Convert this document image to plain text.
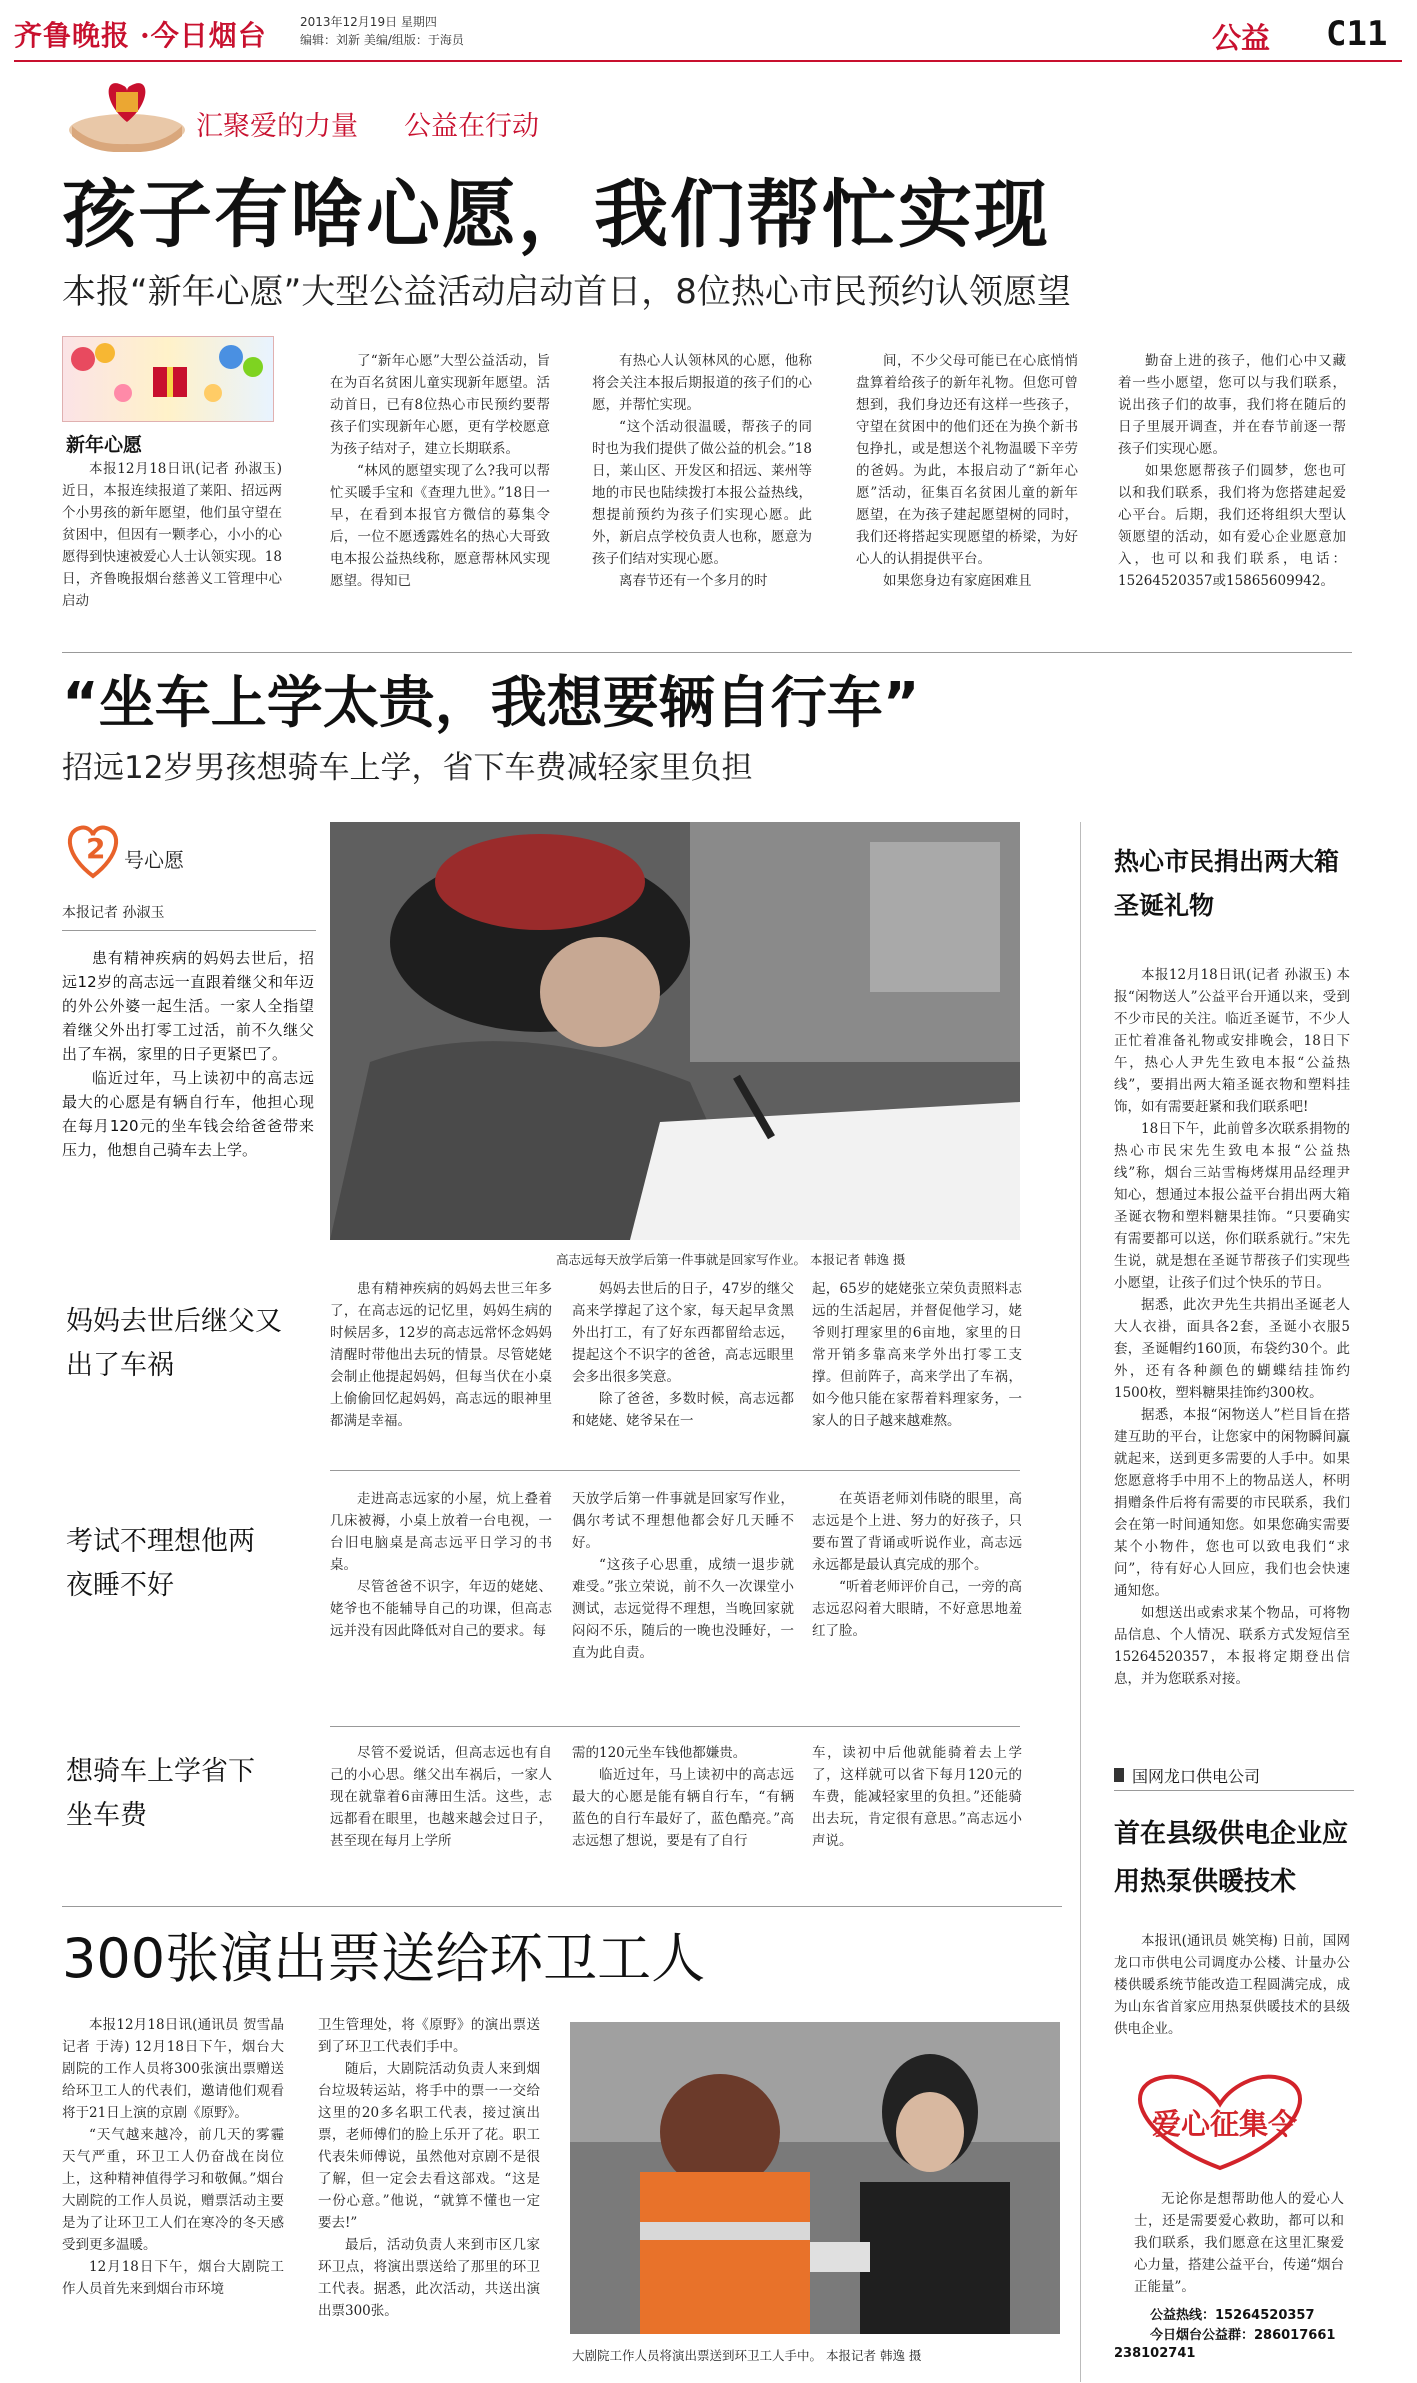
齐鲁晚报 ·今日烟台	2013年12月19日 星期四
编辑：刘新 美编/组版：于海员	公益 C11
汇聚爱的力量 公益在行动
孩子有啥心愿，我们帮忙实现
本报“新年心愿”大型公益活动启动首日，8位热心市民预约认领愿望
新年心愿

本报12月18日讯(记者 孙淑玉) 近日，本报连续报道了莱阳、招远两个小男孩的新年愿望，他们虽守望在贫困中，但因有一颗孝心，小小的心愿得到快速被爱心人士认领实现。18日，齐鲁晚报烟台慈善义工管理中心启动

了“新年心愿”大型公益活动，旨在为百名贫困儿童实现新年愿望。活动首日，已有8位热心市民预约要帮孩子们实现新年心愿，更有学校愿意为孩子结对子，建立长期联系。

“林风的愿望实现了么?我可以帮忙买暖手宝和《查理九世》。”18日一早，在看到本报官方微信的募集令后，一位不愿透露姓名的热心大哥致电本报公益热线称，愿意帮林风实现愿望。得知已

有热心人认领林风的心愿，他称将会关注本报后期报道的孩子们的心愿，并帮忙实现。

“这个活动很温暖，帮孩子的同时也为我们提供了做公益的机会。”18日，莱山区、开发区和招远、莱州等地的市民也陆续拨打本报公益热线，想提前预约为孩子们实现心愿。此外，新启点学校负责人也称，愿意为孩子们结对实现心愿。

离春节还有一个多月的时

间，不少父母可能已在心底悄悄盘算着给孩子的新年礼物。但您可曾想到，我们身边还有这样一些孩子，守望在贫困中的他们还在为换个新书包挣扎，或是想送个礼物温暖下辛劳的爸妈。为此，本报启动了“新年心愿”活动，征集百名贫困儿童的新年愿望，在为孩子建起愿望树的同时，我们还将搭起实现愿望的桥梁，为好心人的认捐提供平台。

如果您身边有家庭困难且

勤奋上进的孩子，他们心中又藏着一些小愿望，您可以与我们联系，说出孩子们的故事，我们将在随后的日子里展开调查，并在春节前逐一帮孩子们实现心愿。

如果您愿帮孩子们圆梦，您也可以和我们联系，我们将为您搭建起爱心平台。后期，我们还将组织大型认领愿望的活动，如有爱心企业愿意加入，也可以和我们联系，电话：15264520357或15865609942。

“坐车上学太贵，我想要辆自行车”
招远12岁男孩想骑车上学，省下车费减轻家里负担
2 号心愿
本报记者 孙淑玉

患有精神疾病的妈妈去世后，招远12岁的高志远一直跟着继父和年迈的外公外婆一起生活。一家人全指望着继父外出打零工过活，前不久继父出了车祸，家里的日子更紧巴了。

临近过年，马上读初中的高志远最大的心愿是有辆自行车，他担心现在每月120元的坐车钱会给爸爸带来压力，他想自己骑车去上学。

高志远每天放学后第一件事就是回家写作业。 本报记者 韩逸 摄
妈妈去世后继父又出了车祸
考试不理想他两夜睡不好
想骑车上学省下坐车费

患有精神疾病的妈妈去世三年多了，在高志远的记忆里，妈妈生病的时候居多，12岁的高志远常怀念妈妈清醒时带他出去玩的情景。尽管姥姥会制止他提起妈妈，但每当伏在小桌上偷偷回忆起妈妈，高志远的眼神里都满是幸福。

妈妈去世后的日子，47岁的继父高来学撑起了这个家，每天起早贪黑外出打工，有了好东西都留给志远，提起这个不识字的爸爸，高志远眼里会多出很多笑意。

除了爸爸，多数时候，高志远都和姥姥、姥爷呆在一

起，65岁的姥姥张立荣负责照料志远的生活起居，并督促他学习，姥爷则打理家里的6亩地，家里的日常开销多靠高来学外出打零工支撑。但前阵子，高来学出了车祸，如今他只能在家帮着料理家务，一家人的日子越来越难熬。

走进高志远家的小屋，炕上叠着几床被褥，小桌上放着一台电视，一台旧电脑桌是高志远平日学习的书桌。

尽管爸爸不识字，年迈的姥姥、姥爷也不能辅导自己的功课，但高志远并没有因此降低对自己的要求。每

天放学后第一件事就是回家写作业，偶尔考试不理想他都会好几天睡不好。

“这孩子心思重，成绩一退步就难受。”张立荣说，前不久一次课堂小测试，志远觉得不理想，当晚回家就闷闷不乐，随后的一晚也没睡好，一直为此自责。

在英语老师刘伟晓的眼里，高志远是个上进、努力的好孩子，只要布置了背诵或听说作业，高志远永远都是最认真完成的那个。

“听着老师评价自己，一旁的高志远忍闷着大眼睛，不好意思地羞红了脸。

尽管不爱说话，但高志远也有自己的小心思。继父出车祸后，一家人现在就靠着6亩薄田生活。这些，志远都看在眼里，也越来越会过日子，甚至现在每月上学所

需的120元坐车钱他都嫌贵。

临近过年，马上读初中的高志远最大的心愿是能有辆自行车，“有辆蓝色的自行车最好了，蓝色酷亮。”高志远想了想说，要是有了自行

车，读初中后他就能骑着去上学了，这样就可以省下每月120元的车费，能减轻家里的负担。”还能骑出去玩，肯定很有意思。”高志远小声说。

热心市民捐出两大箱圣诞礼物

本报12月18日讯(记者 孙淑玉) 本报“闲物送人”公益平台开通以来，受到不少市民的关注。临近圣诞节，不少人正忙着准备礼物或安排晚会，18日下午，热心人尹先生致电本报“公益热线”，要捐出两大箱圣诞衣物和塑料挂饰，如有需要赶紧和我们联系吧!

18日下午，此前曾多次联系捐物的热心市民宋先生致电本报“公益热线”称，烟台三站雪梅烤煤用品经理尹知心，想通过本报公益平台捐出两大箱圣诞衣物和塑料糖果挂饰。“只要确实有需要都可以送，你们联系就行。”宋先生说，就是想在圣诞节帮孩子们实现些小愿望，让孩子们过个快乐的节日。

据悉，此次尹先生共捐出圣诞老人大人衣褂，面具各2套，圣诞小衣服5套，圣诞帽约160顶，布袋约30个。此外，还有各种颜色的蝴蝶结挂饰约1500枚，塑料糖果挂饰约300枚。

据悉，本报“闲物送人”栏目旨在搭建互助的平台，让您家中的闲物瞬间赢就起来，送到更多需要的人手中。如果您愿意将手中用不上的物品送人，杯明捐赠条件后将有需要的市民联系，我们会在第一时间通知您。如果您确实需要某个小物件，您也可以致电我们“求问”，待有好心人回应，我们也会快速通知您。

如想送出或索求某个物品，可将物品信息、个人情况、联系方式发短信至15264520357，本报将定期登出信息，并为您联系对接。

国网龙口供电公司
首在县级供电企业应用热泵供暖技术

本报讯(通讯员 姚笑梅) 日前，国网龙口市供电公司调度办公楼、计量办公楼供暖系统节能改造工程圆满完成，成为山东省首家应用热泵供暖技术的县级供电企业。

爱心征集令

无论你是想帮助他人的爱心人士，还是需要爱心救助，都可以和我们联系，我们愿意在这里汇聚爱心力量，搭建公益平台，传递“烟台正能量”。

公益热线：15264520357
今日烟台公益群：286017661
238102741
300张演出票送给环卫工人

本报12月18日讯(通讯员 贺雪晶 记者 于涛) 12月18日下午，烟台大剧院的工作人员将300张演出票赠送给环卫工人的代表们，邀请他们观看将于21日上演的京剧《原野》。

“天气越来越冷，前几天的雾霾天气严重，环卫工人仍奋战在岗位上，这种精神值得学习和敬佩。”烟台大剧院的工作人员说，赠票活动主要是为了让环卫工人们在寒冷的冬天感受到更多温暖。

12月18日下午，烟台大剧院工作人员首先来到烟台市环境

卫生管理处，将《原野》的演出票送到了环卫工代表们手中。

随后，大剧院活动负责人来到烟台垃圾转运站，将手中的票一一交给这里的20多名职工代表，接过演出票，老师傅们的脸上乐开了花。职工代表朱师傅说，虽然他对京剧不是很了解，但一定会去看这部戏。“这是一份心意。”他说，“就算不懂也一定要去!”

最后，活动负责人来到市区几家环卫点，将演出票送给了那里的环卫工代表。据悉，此次活动，共送出演出票300张。

大剧院工作人员将演出票送到环卫工人手中。 本报记者 韩逸 摄
